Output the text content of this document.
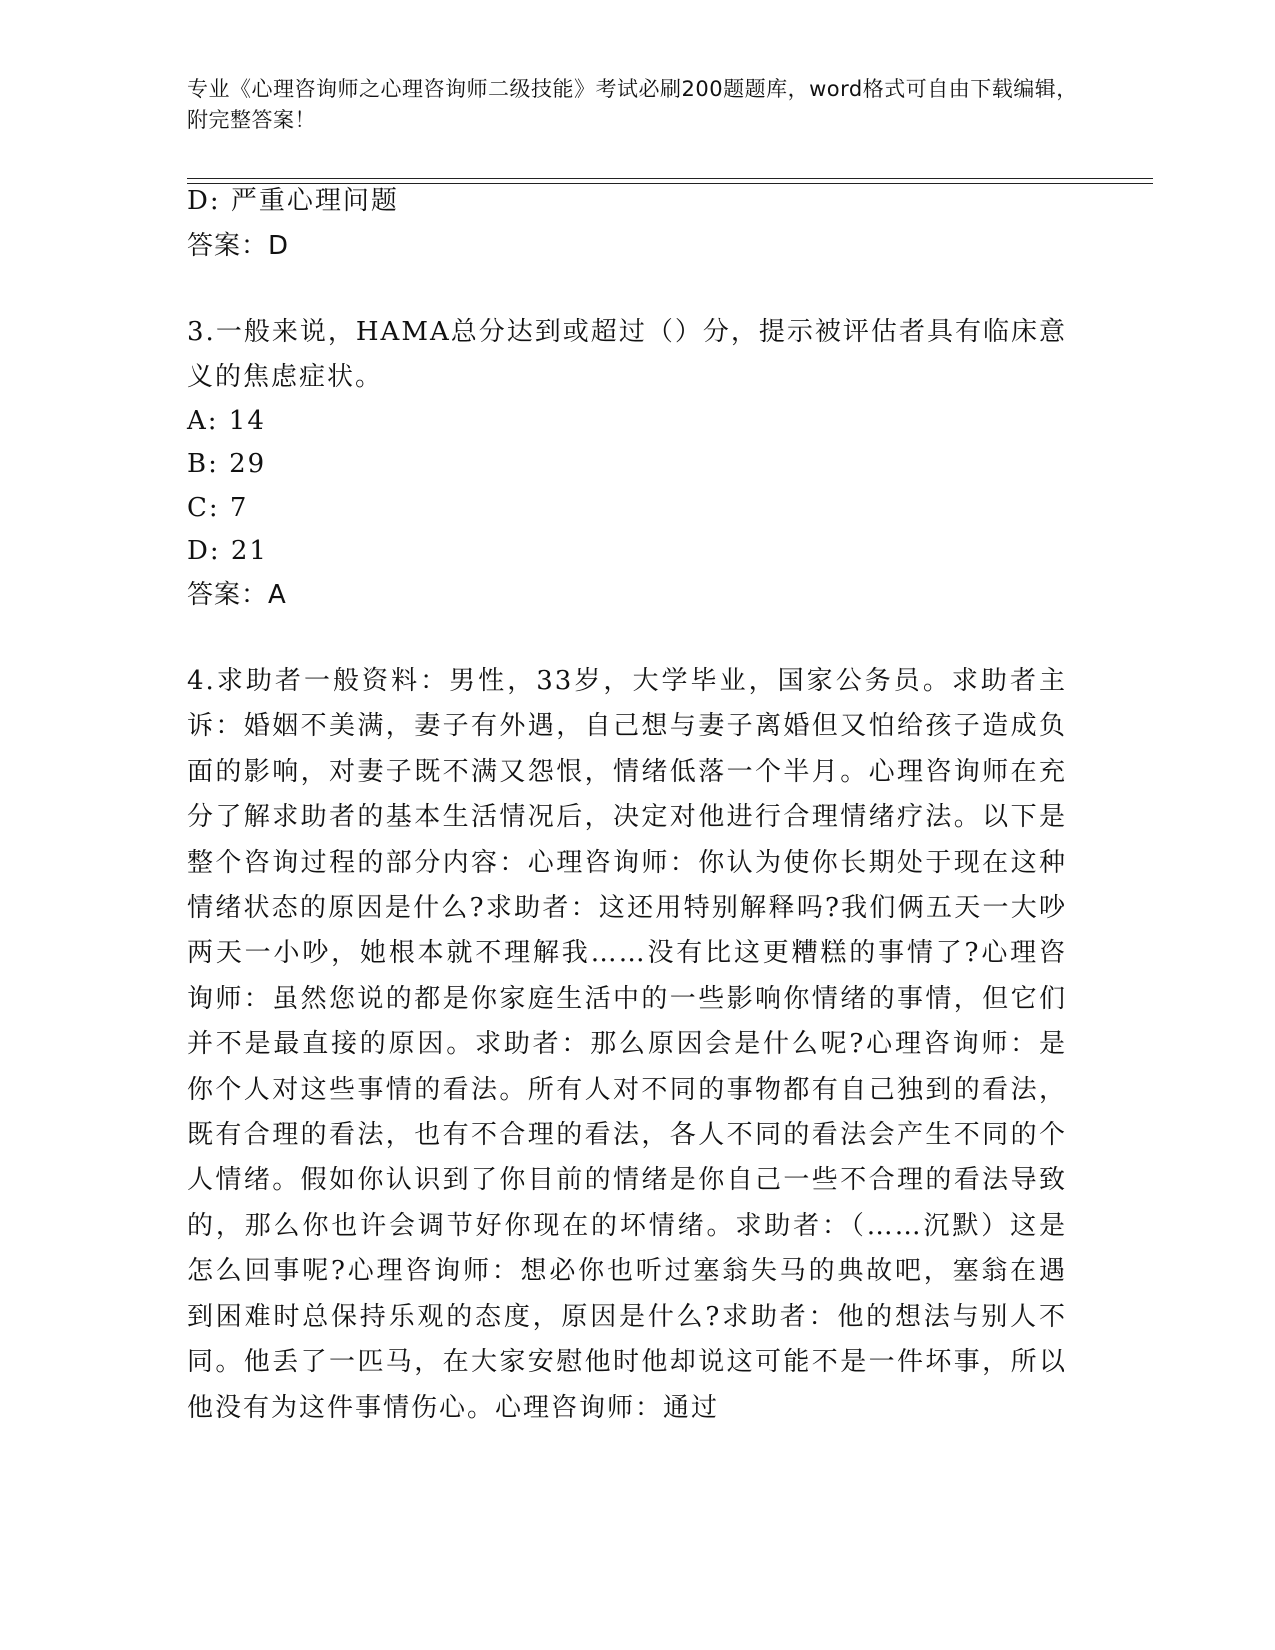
专业《心理咨询师之心理咨询师二级技能》考试必刷200题题库，word格式可自由下载编辑，附完整答案！
D: 严重心理问题
答案：D
3.一般来说，HAMA总分达到或超过（）分，提示被评估者具有临床意义的焦虑症状。
A: 14
B: 29
C: 7
D: 21
答案：A
4.求助者一般资料：男性，33岁，大学毕业，国家公务员。求助者主诉：婚姻不美满，妻子有外遇，自己想与妻子离婚但又怕给孩子造成负面的影响，对妻子既不满又怨恨，情绪低落一个半月。心理咨询师在充分了解求助者的基本生活情况后，决定对他进行合理情绪疗法。以下是整个咨询过程的部分内容：心理咨询师：你认为使你长期处于现在这种情绪状态的原因是什么?求助者：这还用特别解释吗?我们俩五天一大吵两天一小吵，她根本就不理解我……没有比这更糟糕的事情了?心理咨询师：虽然您说的都是你家庭生活中的一些影响你情绪的事情，但它们并不是最直接的原因。求助者：那么原因会是什么呢?心理咨询师：是你个人对这些事情的看法。所有人对不同的事物都有自己独到的看法，既有合理的看法，也有不合理的看法，各人不同的看法会产生不同的个人情绪。假如你认识到了你目前的情绪是你自己一些不合理的看法导致的，那么你也许会调节好你现在的坏情绪。求助者：（……沉默）这是怎么回事呢?心理咨询师：想必你也听过塞翁失马的典故吧，塞翁在遇到困难时总保持乐观的态度，原因是什么?求助者：他的想法与别人不同。他丢了一匹马，在大家安慰他时他却说这可能不是一件坏事，所以他没有为这件事情伤心。心理咨询师：通过
